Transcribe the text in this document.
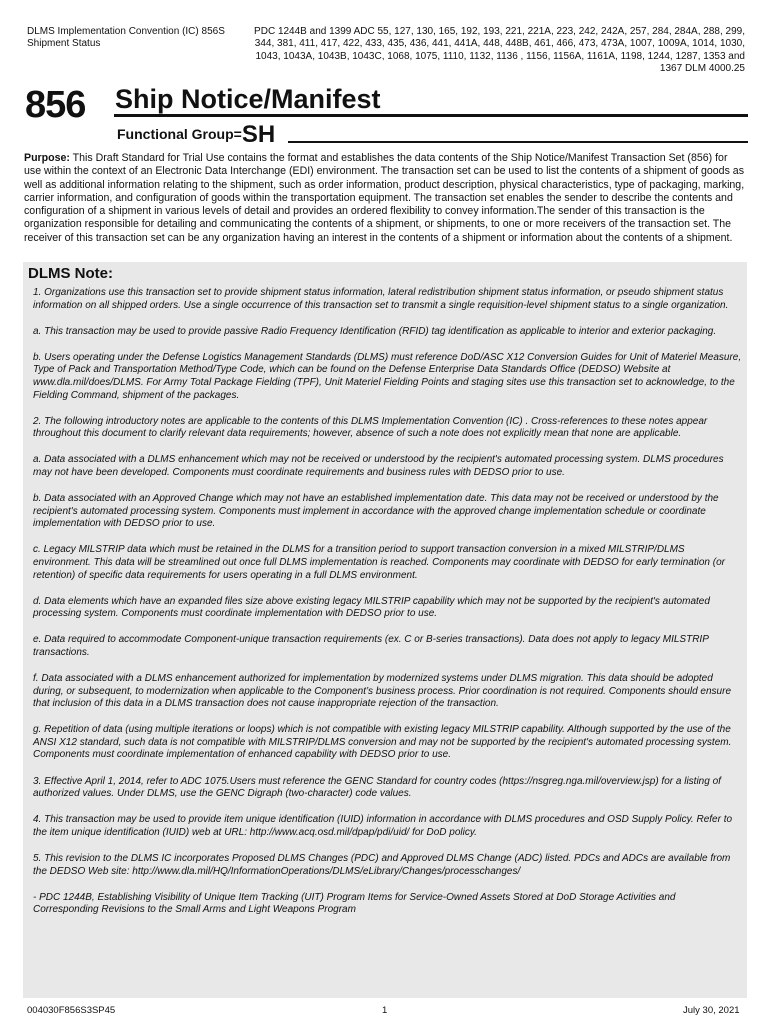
DLMS Implementation Convention (IC) 856S
Shipment Status
PDC 1244B and 1399 ADC 55, 127, 130, 165, 192, 193, 221, 221A, 223, 242, 242A, 257, 284, 284A, 288, 299, 344, 381, 411, 417, 422, 433, 435, 436, 441, 441A, 448, 448B, 461, 466, 473, 473A, 1007, 1009A, 1014, 1030, 1043, 1043A, 1043B, 1043C, 1068, 1075, 1110, 1132, 1136 , 1156, 1156A, 1161A, 1198, 1244, 1287, 1353 and 1367 DLM 4000.25
856 Ship Notice/Manifest
Functional Group=SH
Purpose: This Draft Standard for Trial Use contains the format and establishes the data contents of the Ship Notice/Manifest Transaction Set (856) for use within the context of an Electronic Data Interchange (EDI) environment. The transaction set can be used to list the contents of a shipment of goods as well as additional information relating to the shipment, such as order information, product description, physical characteristics, type of packaging, marking, carrier information, and configuration of goods within the transportation equipment. The transaction set enables the sender to describe the contents and configuration of a shipment in various levels of detail and provides an ordered flexibility to convey information.The sender of this transaction is the organization responsible for detailing and communicating the contents of a shipment, or shipments, to one or more receivers of the transaction set. The receiver of this transaction set can be any organization having an interest in the contents of a shipment or information about the contents of a shipment.
DLMS Note:
1. Organizations use this transaction set to provide shipment status information, lateral redistribution shipment status information, or pseudo shipment status information on all shipped orders. Use a single occurrence of this transaction set to transmit a single requisition-level shipment status to a single organization.
a. This transaction may be used to provide passive Radio Frequency Identification (RFID) tag identification as applicable to interior and exterior packaging.
b. Users operating under the Defense Logistics Management Standards (DLMS) must reference DoD/ASC X12 Conversion Guides for Unit of Materiel Measure, Type of Pack and Transportation Method/Type Code, which can be found on the Defense Enterprise Data Standards Office (DEDSO) Website at www.dla.mil/does/DLMS. For Army Total Package Fielding (TPF), Unit Materiel Fielding Points and staging sites use this transaction set to acknowledge, to the Fielding Command, shipment of the packages.
2. The following introductory notes are applicable to the contents of this DLMS Implementation Convention (IC) . Cross-references to these notes appear throughout this document to clarify relevant data requirements; however, absence of such a note does not explicitly mean that none are applicable.
a. Data associated with a DLMS enhancement which may not be received or understood by the recipient's automated processing system. DLMS procedures may not have been developed. Components must coordinate requirements and business rules with DEDSO prior to use.
b. Data associated with an Approved Change which may not have an established implementation date. This data may not be received or understood by the recipient's automated processing system. Components must implement in accordance with the approved change implementation schedule or coordinate implementation with DEDSO prior to use.
c. Legacy MILSTRIP data which must be retained in the DLMS for a transition period to support transaction conversion in a mixed MILSTRIP/DLMS environment. This data will be streamlined out once full DLMS implementation is reached. Components may coordinate with DEDSO for early termination (or retention) of specific data requirements for users operating in a full DLMS environment.
d. Data elements which have an expanded files size above existing legacy MILSTRIP capability which may not be supported by the recipient's automated processing system. Components must coordinate implementation with DEDSO prior to use.
e. Data required to accommodate Component-unique transaction requirements (ex. C or B-series transactions). Data does not apply to legacy MILSTRIP transactions.
f. Data associated with a DLMS enhancement authorized for implementation by modernized systems under DLMS migration. This data should be adopted during, or subsequent, to modernization when applicable to the Component’s business process. Prior coordination is not required. Components should ensure that inclusion of this data in a DLMS transaction does not cause inappropriate rejection of the transaction.
g. Repetition of data (using multiple iterations or loops) which is not compatible with existing legacy MILSTRIP capability. Although supported by the use of the ANSI X12 standard, such data is not compatible with MILSTRIP/DLMS conversion and may not be supported by the recipient's automated processing system. Components must coordinate implementation of enhanced capability with DEDSO prior to use.
3. Effective April 1, 2014, refer to ADC 1075.Users must reference the GENC Standard for country codes (https://nsgreg.nga.mil/overview.jsp) for a listing of authorized values. Under DLMS, use the GENC Digraph (two-character) code values.
4. This transaction may be used to provide item unique identification (IUID) information in accordance with DLMS procedures and OSD Supply Policy. Refer to the item unique identification (IUID) web at URL: http://www.acq.osd.mil/dpap/pdi/uid/ for DoD policy.
5. This revision to the DLMS IC incorporates Proposed DLMS Changes (PDC) and Approved DLMS Change (ADC) listed. PDCs and ADCs are available from the DEDSO Web site: http://www.dla.mil/HQ/InformationOperations/DLMS/eLibrary/Changes/processchanges/
- PDC 1244B, Establishing Visibility of Unique Item Tracking (UIT) Program Items for Service-Owned Assets Stored at DoD Storage Activities and Corresponding Revisions to the Small Arms and Light Weapons Program
004030F856S3SP45	1	July 30, 2021
